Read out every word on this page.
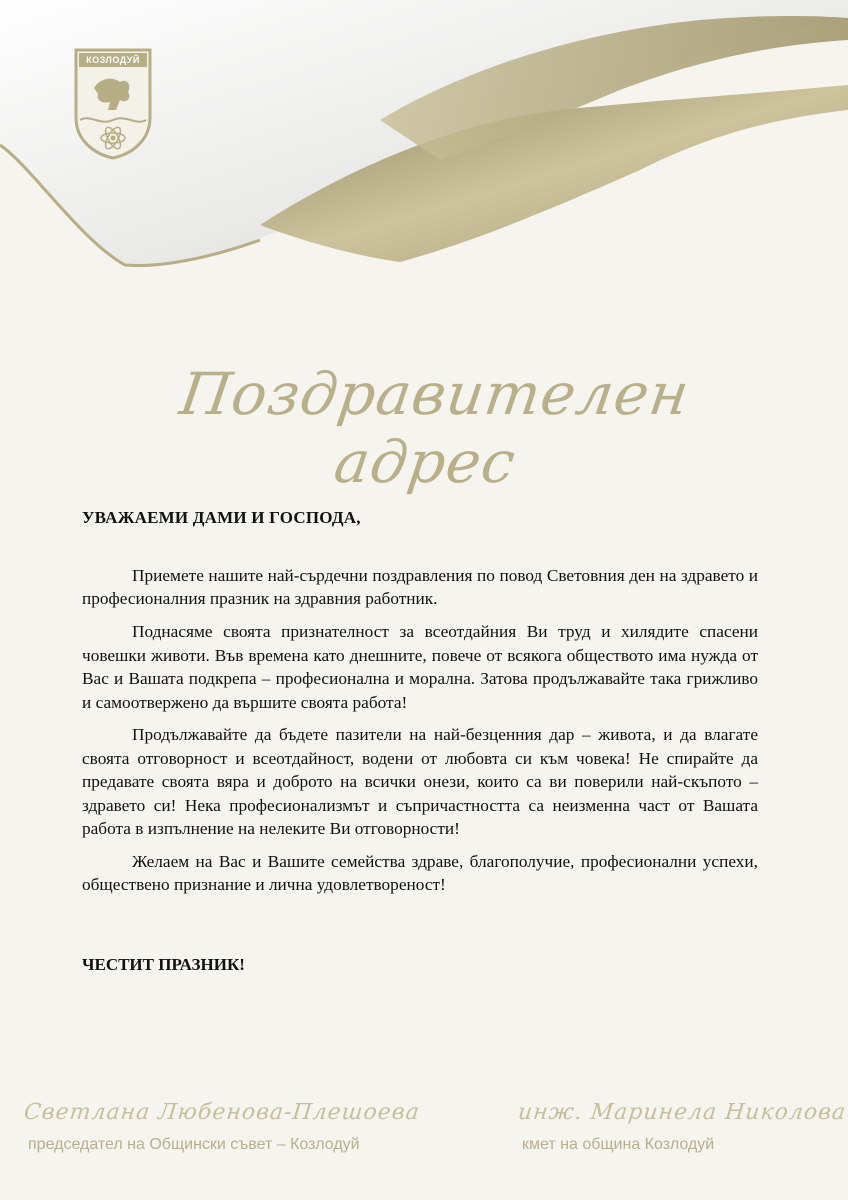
КОЗЛОДУЙ
Поздравителен адрес
УВАЖАЕМИ ДАМИ И ГОСПОДА,

Приемете нашите най-сърдечни поздравления по повод Световния ден на здравето и професионалния празник на здравния работник.

Поднасяме своята признателност за всеотдайния Ви труд и хилядите спасени човешки животи. Във времена като днешните, повече от всякога обществото има нужда от Вас и Вашата подкрепа – професионална и морална. Затова продължавайте така грижливо и самоотвержено да вършите своята работа!

Продължавайте да бъдете пазители на най-безценния дар – живота, и да влагате своята отговорност и всеотдайност, водени от любовта си към човека! Не спирайте да предавате своята вяра и доброто на всички онези, които са ви поверили най-скъпото – здравето си! Нека професионализмът и съпричастността са неизменна част от Вашата работа в изпълнение на нелеките Ви отговорности!

Желаем на Вас и Вашите семейства здраве, благополучие, професионални успехи, обществено признание и лична удовлетвореност!

ЧЕСТИТ ПРАЗНИК!
Светлана Любенова-Плешоева
председател на Общински съвет – Козлодуй
инж. Маринела Николова
кмет на община Козлодуй
